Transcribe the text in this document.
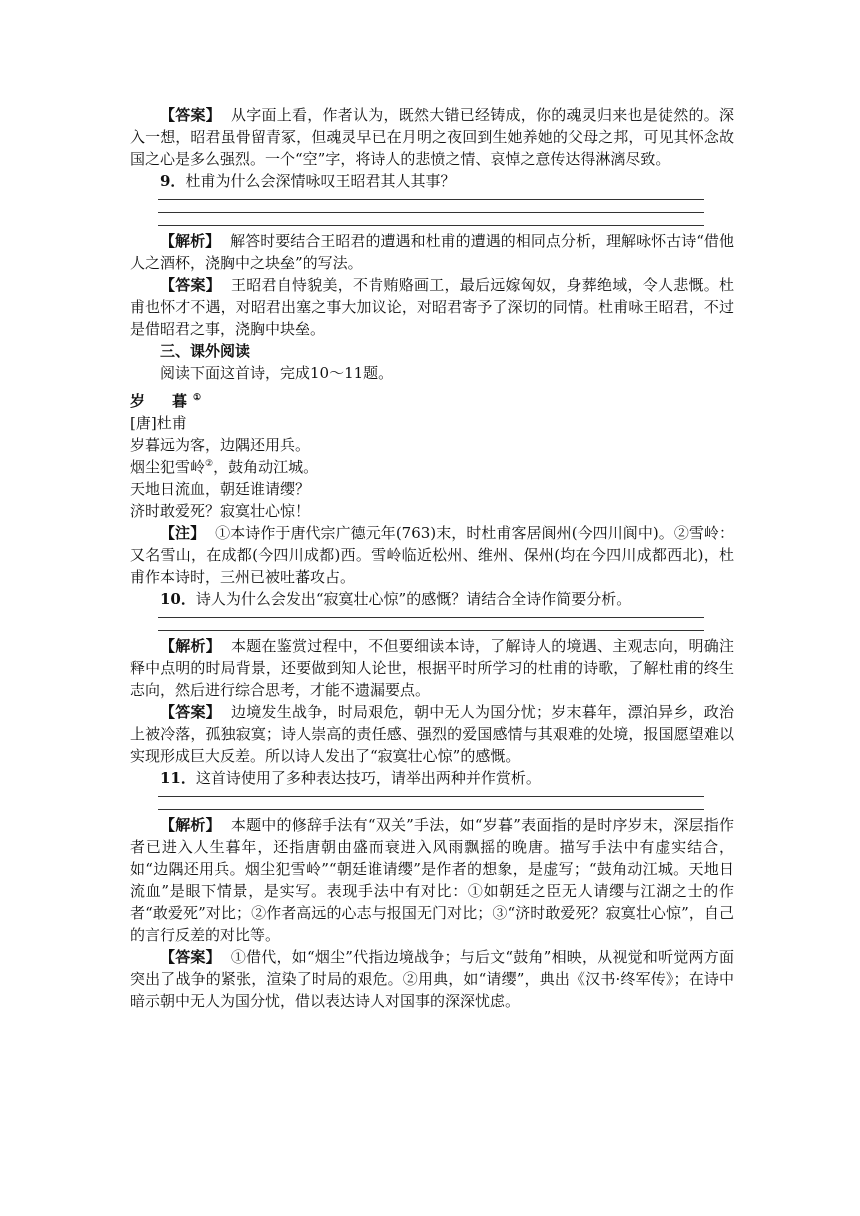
【答案】 从字面上看，作者认为，既然大错已经铸成，你的魂灵归来也是徒然的。深入一想，昭君虽骨留青冢，但魂灵早已在月明之夜回到生她养她的父母之邦，可见其怀念故国之心是多么强烈。一个“空”字，将诗人的悲愤之情、哀悼之意传达得淋漓尽致。

9．杜甫为什么会深情咏叹王昭君其人其事？

【解析】 解答时要结合王昭君的遭遇和杜甫的遭遇的相同点分析，理解咏怀古诗“借他人之酒杯，浇胸中之块垒”的写法。

【答案】 王昭君自恃貌美，不肯贿赂画工，最后远嫁匈奴，身葬绝域，令人悲慨。杜甫也怀才不遇，对昭君出塞之事大加议论，对昭君寄予了深切的同情。杜甫咏王昭君，不过是借昭君之事，浇胸中块垒。

三、课外阅读

阅读下面这首诗，完成10～11题。

岁　暮①

[唐]杜甫

岁暮远为客，边隅还用兵。

烟尘犯雪岭②，鼓角动江城。

天地日流血，朝廷谁请缨？

济时敢爱死？寂寞壮心惊！

【注】 ①本诗作于唐代宗广德元年(763)末，时杜甫客居阆州(今四川阆中)。②雪岭：又名雪山，在成都(今四川成都)西。雪岭临近松州、维州、保州(均在今四川成都西北)，杜甫作本诗时，三州已被吐蕃攻占。

10．诗人为什么会发出“寂寞壮心惊”的感慨？请结合全诗作简要分析。

【解析】 本题在鉴赏过程中，不但要细读本诗，了解诗人的境遇、主观志向，明确注释中点明的时局背景，还要做到知人论世，根据平时所学习的杜甫的诗歌，了解杜甫的终生志向，然后进行综合思考，才能不遗漏要点。

【答案】 边境发生战争，时局艰危，朝中无人为国分忧；岁末暮年，漂泊异乡，政治上被冷落，孤独寂寞；诗人崇高的责任感、强烈的爱国感情与其艰难的处境，报国愿望难以实现形成巨大反差。所以诗人发出了“寂寞壮心惊”的感慨。

11．这首诗使用了多种表达技巧，请举出两种并作赏析。

【解析】 本题中的修辞手法有“双关”手法，如“岁暮”表面指的是时序岁末，深层指作者已进入人生暮年，还指唐朝由盛而衰进入风雨飘摇的晚唐。描写手法中有虚实结合，如“边隅还用兵。烟尘犯雪岭”“朝廷谁请缨”是作者的想象，是虚写；“鼓角动江城。天地日流血”是眼下情景，是实写。表现手法中有对比：①如朝廷之臣无人请缨与江湖之士的作者“敢爱死”对比；②作者高远的心志与报国无门对比；③“济时敢爱死？寂寞壮心惊”，自己的言行反差的对比等。

【答案】 ①借代，如“烟尘”代指边境战争；与后文“鼓角”相映，从视觉和听觉两方面突出了战争的紧张，渲染了时局的艰危。②用典，如“请缨”，典出《汉书·终军传》；在诗中暗示朝中无人为国分忧，借以表达诗人对国事的深深忧虑。
